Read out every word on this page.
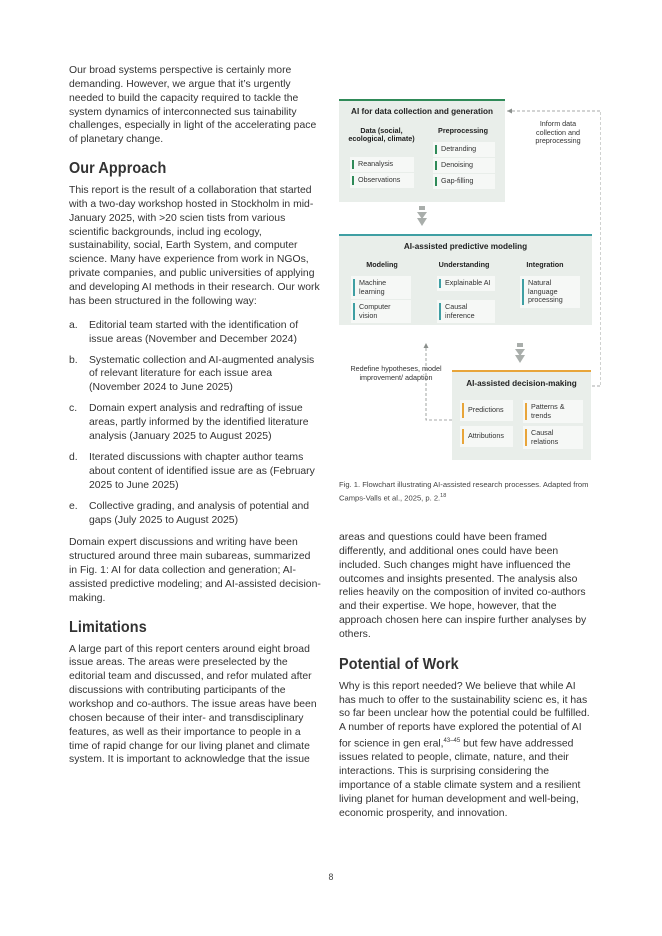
Our broad systems perspective is certainly more demanding. However, we argue that it’s urgently needed to build the capacity required to tackle the system dynamics of interconnected sus tainability challenges, especially in light of the accelerating pace of planetary change.

Our Approach

This report is the result of a collaboration that started with a two-day workshop hosted in Stockholm in mid-January 2025, with >20 scien tists from various scientific backgrounds, includ ing ecology, sustainability, social, Earth System, and computer science. Many have experience from work in NGOs, private companies, and public universities of applying and developing AI methods in their research. Our work has been structured in the following way:

a. Editorial team started with the identification of issue areas (November and December 2024)
b. Systematic collection and AI-augmented analysis of relevant literature for each issue area (November 2024 to June 2025)
c. Domain expert analysis and redrafting of issue areas, partly informed by the identified literature analysis (January 2025 to August 2025)
d. Iterated discussions with chapter author teams about content of identified issue are as (February 2025 to June 2025)
e. Collective grading, and analysis of potential and gaps (July 2025 to August 2025)

Domain expert discussions and writing have been structured around three main subareas, summarized in Fig. 1: AI for data collection and generation; AI-assisted predictive modeling; and AI-assisted decision-making.

Limitations

A large part of this report centers around eight broad issue areas. The areas were preselected by the editorial team and discussed, and refor mulated after discussions with contributing participants of the workshop and co-authors. The issue areas have been chosen because of their inter- and transdisciplinary features, as well as their importance to people in a time of rapid change for our living planet and climate system. It is important to acknowledge that the issue

AI for data collection and generation
Data (social, ecological, climate)
Preprocessing
Reanalysis
Observations
Detranding
Denoising
Gap-filling
Inform data collection and preprocessing
AI-assisted predictive modeling
Modeling	Understanding	Integration
Machine learning
Computer vision
Explainable AI
Causal inference
Natural language processing
Redefine hypotheses, model improvement/ adaption
AI-assisted decision-making
Predictions
Attributions
Patterns & trends
Causal relations
Fig. 1. Flowchart illustrating AI-assisted research processes. Adapted from Camps-Valls et al., 2025, p. 2.18

areas and questions could have been framed differently, and additional ones could have been included. Such changes might have influenced the outcomes and insights presented. The analysis also relies heavily on the composition of invited co-authors and their expertise. We hope, however, that the approach chosen here can inspire further analyses by others.

Potential of Work

Why is this report needed? We believe that while AI has much to offer to the sustainability scienc es, it has so far been unclear how the potential could be fulfilled. A number of reports have explored the potential of AI for science in gen eral,$^{43-45}$ but few have addressed issues related to people, climate, nature, and their interactions. This is surprising considering the importance of a stable climate system and a resilient living planet for human development and well-being, economic prosperity, and innovation.

8
